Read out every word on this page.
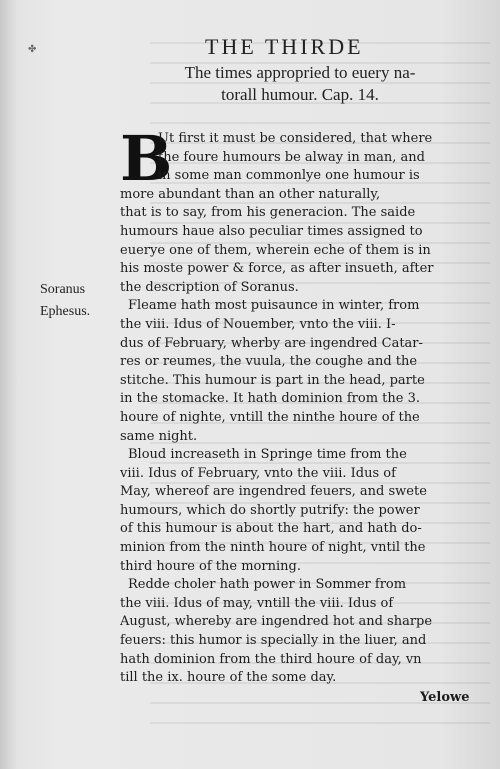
✤	THE THIRDE
The times appropried to euery na-
torall humour. Cap. 14.
B
Soranus
Ephesus.
Ut first it must be considered, that where
the foure humours be alway in man, and
in some man commonlye one humour is
more abundant than an other naturally,
that is to say, from his generacion. The saide
humours haue also peculiar times assigned to
euerye one of them, wherein eche of them is in
his moste power & force, as after insueth, after
the description of Soranus.
Fleame hath most puisaunce in winter, from
the viii. Idus of Nouember, vnto the viii. I-
dus of February, wherby are ingendred Catar-
res or reumes, the vuula, the coughe and the
stitche. This humour is part in the head, parte
in the stomacke. It hath dominion from the 3.
houre of nighte, vntill the ninthe houre of the
same night.
Bloud increaseth in Springe time from the
viii. Idus of February, vnto the viii. Idus of
May, whereof are ingendred feuers, and swete
humours, which do shortly putrify: the power
of this humour is about the hart, and hath do-
minion from the ninth houre of night, vntil the
third houre of the morning.
Redde choler hath power in Sommer from
the viii. Idus of may, vntill the viii. Idus of
August, whereby are ingendred hot and sharpe
feuers: this humor is specially in the liuer, and
hath dominion from the third houre of day, vn
till the ix. houre of the some day.
Yelowe
